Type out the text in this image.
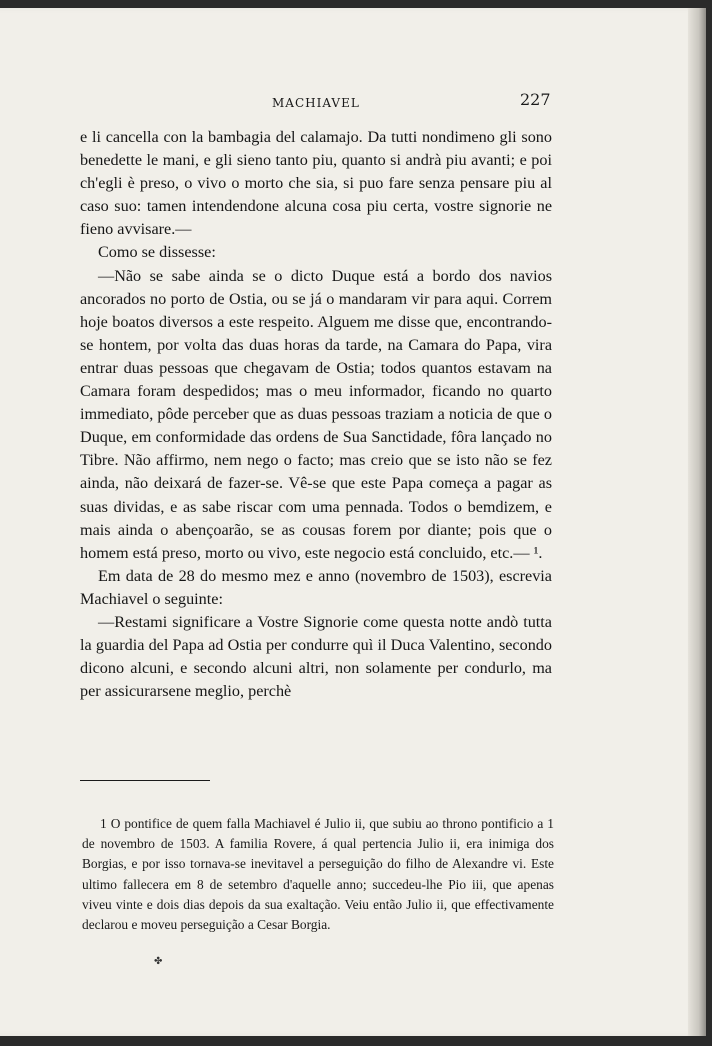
MACHIAVEL	227

e li cancella con la bambagia del calamajo. Da tutti nondimeno gli sono benedette le mani, e gli sieno tanto piu, quanto si andrà piu avanti; e poi ch'egli è preso, o vivo o morto che sia, si puo fare senza pensare piu al caso suo: tamen intendendone alcuna cosa piu certa, vostre signorie ne fieno avvisare.—

Como se dissesse:

—Não se sabe ainda se o dicto Duque está a bordo dos navios ancorados no porto de Ostia, ou se já o mandaram vir para aqui. Correm hoje boatos diversos a este respeito. Alguem me disse que, encontrando-se hontem, por volta das duas horas da tarde, na Camara do Papa, vira entrar duas pessoas que chegavam de Ostia; todos quantos estavam na Camara foram despedidos; mas o meu informador, ficando no quarto immediato, pôde perceber que as duas pessoas traziam a noticia de que o Duque, em conformidade das ordens de Sua Sanctidade, fôra lançado no Tibre. Não affirmo, nem nego o facto; mas creio que se isto não se fez ainda, não deixará de fazer-se. Vê-se que este Papa começa a pagar as suas dividas, e as sabe riscar com uma pennada. Todos o bemdizem, e mais ainda o abençoarão, se as cousas forem por diante; pois que o homem está preso, morto ou vivo, este negocio está concluido, etc.— ¹.

Em data de 28 do mesmo mez e anno (novembro de 1503), escrevia Machiavel o seguinte:

—Restami significare a Vostre Signorie come questa notte andò tutta la guardia del Papa ad Ostia per condurre quì il Duca Valentino, secondo dicono alcuni, e secondo alcuni altri, non solamente per condurlo, ma per assicurarsene meglio, perchè

1 O pontifice de quem falla Machiavel é Julio ii, que subiu ao throno pontificio a 1 de novembro de 1503. A familia Rovere, á qual pertencia Julio ii, era inimiga dos Borgias, e por isso tornava-se inevitavel a perseguição do filho de Alexandre vi. Este ultimo fallecera em 8 de setembro d'aquelle anno; succedeu-lhe Pio iii, que apenas viveu vinte e dois dias depois da sua exaltação. Veiu então Julio ii, que effectivamente declarou e moveu perseguição a Cesar Borgia.
✤
